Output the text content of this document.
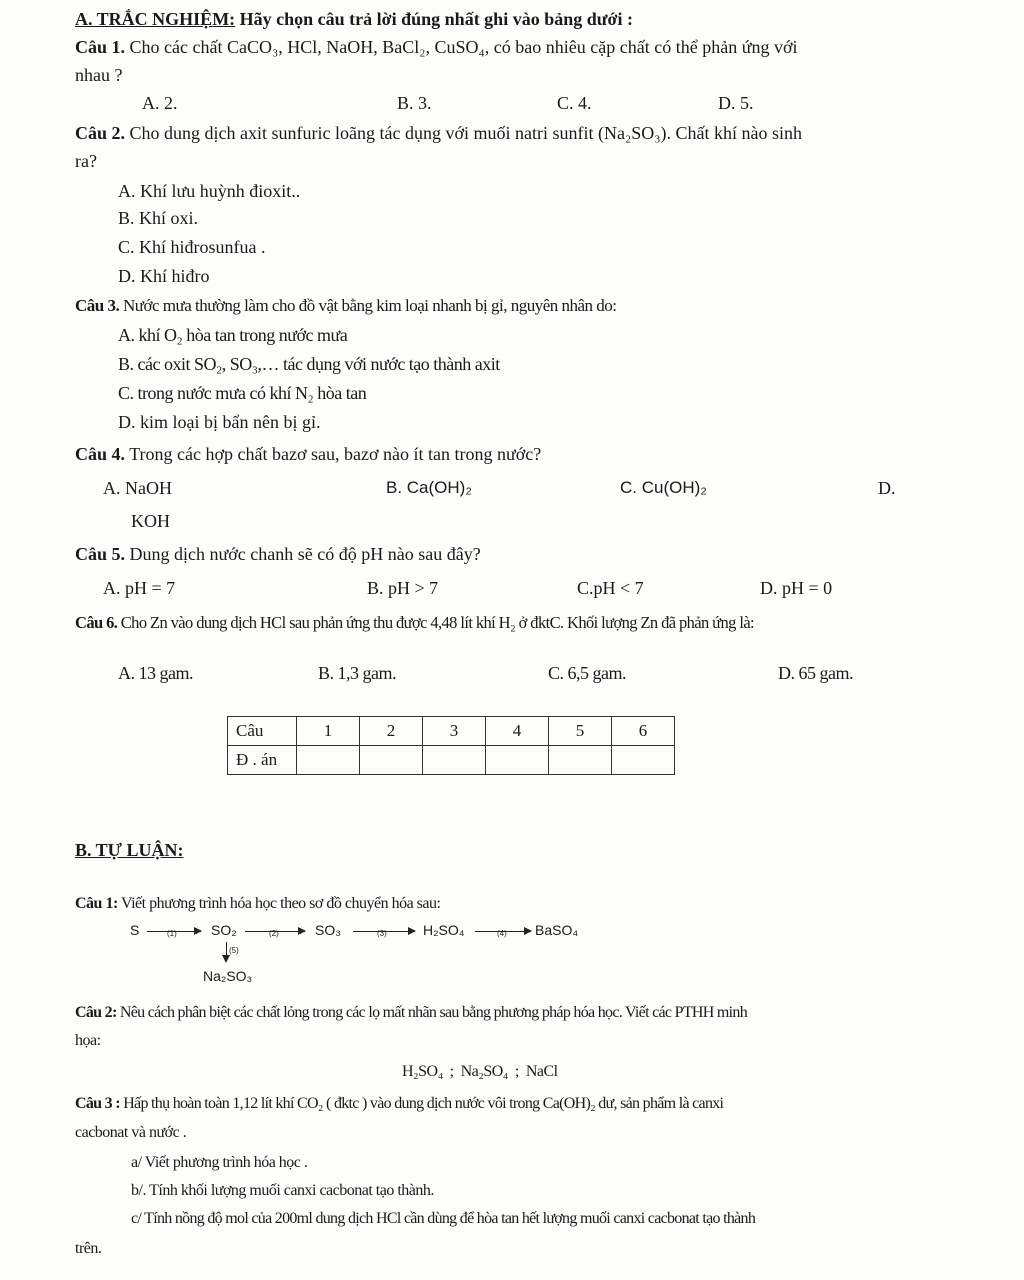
A. TRẮC NGHIỆM: Hãy chọn câu trả lời đúng nhất ghi vào bảng dưới :
Câu 1. Cho các chất CaCO₃, HCl, NaOH, BaCl₂, CuSO₄, có bao nhiêu cặp chất có thể phản ứng với
nhau ?
A. 2.	B. 3.	C. 4.	D. 5.
Câu 2. Cho dung dịch axit sunfuric loãng tác dụng với muối natri sunfit (Na₂SO₃). Chất khí nào sinh
ra?
A. Khí lưu huỳnh đioxit..
B. Khí oxi.
C. Khí hiđrosunfua .
D. Khí hiđro
Câu 3. Nước mưa thường làm cho đồ vật bằng kim loại nhanh bị gỉ, nguyên nhân do:
A. khí O₂ hòa tan trong nước mưa
B. các oxit SO₂, SO₃,… tác dụng với nước tạo thành axit
C. trong nước mưa có khí N₂ hòa tan
D. kim loại bị bẩn nên bị gỉ.
Câu 4. Trong các hợp chất bazơ sau, bazơ nào ít tan trong nước?
A. NaOH	B. Ca(OH)₂	C. Cu(OH)₂	D.
KOH
Câu 5. Dung dịch nước chanh sẽ có độ pH nào sau đây?
A. pH = 7	B. pH > 7	C.pH < 7	D. pH = 0
Câu 6. Cho Zn vào dung dịch HCl sau phản ứng thu được 4,48 lít khí H₂ ở đktC. Khối lượng Zn đã phản ứng là:
A. 13 gam.	B. 1,3 gam.	C. 6,5 gam.	D. 65 gam.
Câu	1	2	3	4	5	6
Đ . án						
B. TỰ LUẬN:
Câu 1: Viết phương trình hóa học theo sơ đồ chuyển hóa sau:
S	(1) SO₂	(2)	SO₃	(3)	H₂SO₄	(4) BaSO₄
(5)
Na₂SO₃
Câu 2: Nêu cách phân biệt các chất lỏng trong các lọ mất nhãn sau bằng phương pháp hóa học. Viết các PTHH minh
họa:
H₂SO₄  ;  Na₂SO₄  ;  NaCl
Câu 3 : Hấp thụ hoàn toàn 1,12 lít khí CO₂ ( đktc ) vào dung dịch nước vôi trong Ca(OH)₂ dư, sản phẩm là canxi
cacbonat và nước .
a/ Viết phương trình hóa học .
b/. Tính khối lượng muối canxi cacbonat tạo thành.
c/ Tính nồng độ mol của 200ml dung dịch HCl cần dùng để hòa tan hết lượng muối canxi cacbonat tạo thành
trên.
